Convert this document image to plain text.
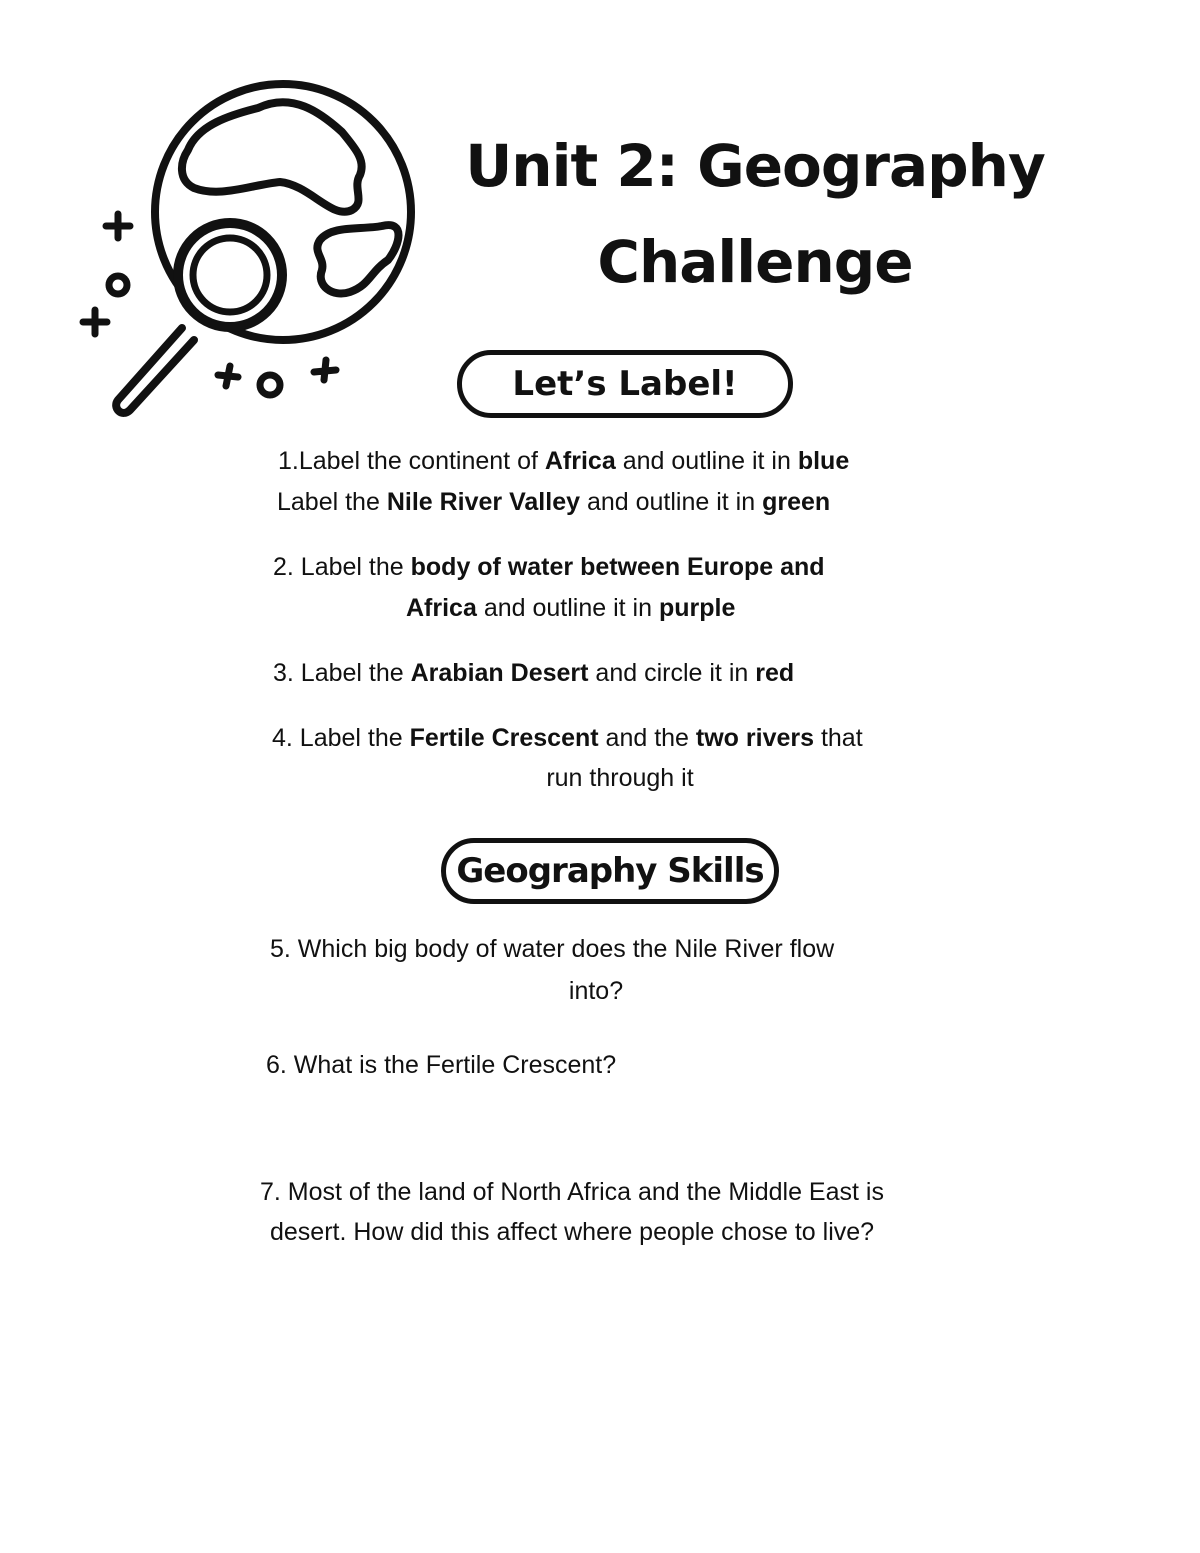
Unit 2: Geography
Challenge
Let’s Label!
1.Label the continent of Africa and outline it in blue
Label the Nile River Valley and outline it in green
2. Label the body of water between Europe and
Africa and outline it in purple
3. Label the Arabian Desert and circle it in red
4. Label the Fertile Crescent and the two rivers that
run through it
Geography Skills
5. Which big body of water does the Nile River flow
into?
6. What is the Fertile Crescent?
7. Most of the land of North Africa and the Middle East is
desert. How did this affect where people chose to live?
